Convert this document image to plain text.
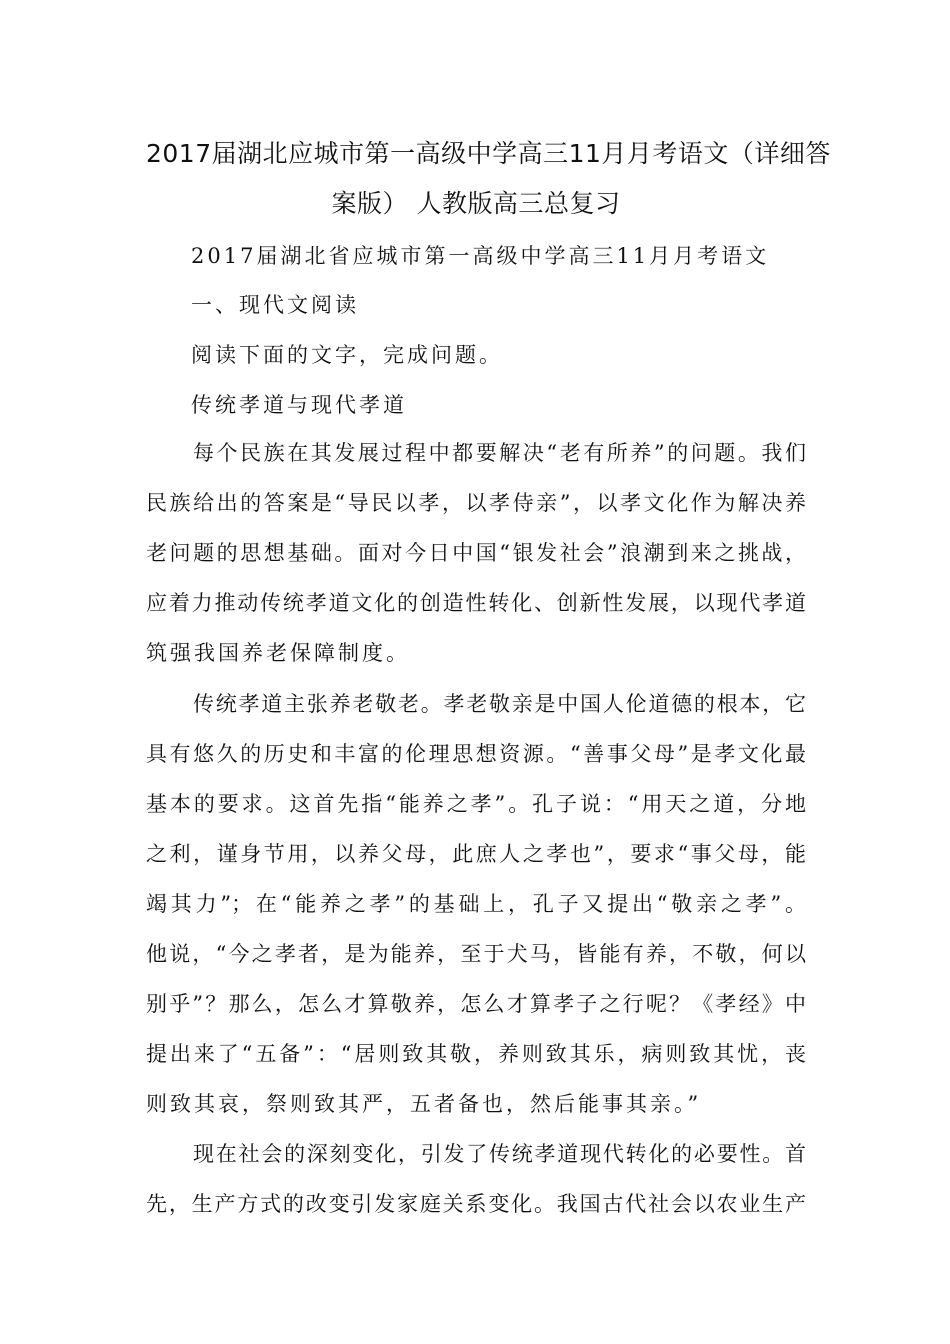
2017届湖北应城市第一高级中学高三11月月考语文（详细答
案版） 人教版高三总复习
2017届湖北省应城市第一高级中学高三11月月考语文
一、现代文阅读
阅读下面的文字，完成问题。
传统孝道与现代孝道
每个民族在其发展过程中都要解决“老有所养”的问题。我们
民族给出的答案是“导民以孝，以孝侍亲”，以孝文化作为解决养
老问题的思想基础。面对今日中国“银发社会”浪潮到来之挑战，
应着力推动传统孝道文化的创造性转化、创新性发展，以现代孝道
筑强我国养老保障制度。
传统孝道主张养老敬老。孝老敬亲是中国人伦道德的根本，它
具有悠久的历史和丰富的伦理思想资源。“善事父母”是孝文化最
基本的要求。这首先指“能养之孝”。孔子说：“用天之道，分地
之利，谨身节用，以养父母，此庶人之孝也”，要求“事父母，能
竭其力”；在“能养之孝”的基础上，孔子又提出“敬亲之孝”。
他说，“今之孝者，是为能养，至于犬马，皆能有养，不敬，何以
别乎”？那么，怎么才算敬养，怎么才算孝子之行呢？《孝经》中
提出来了“五备”：“居则致其敬，养则致其乐，病则致其忧，丧
则致其哀，祭则致其严，五者备也，然后能事其亲。”
现在社会的深刻变化，引发了传统孝道现代转化的必要性。首
先，生产方式的改变引发家庭关系变化。我国古代社会以农业生产
